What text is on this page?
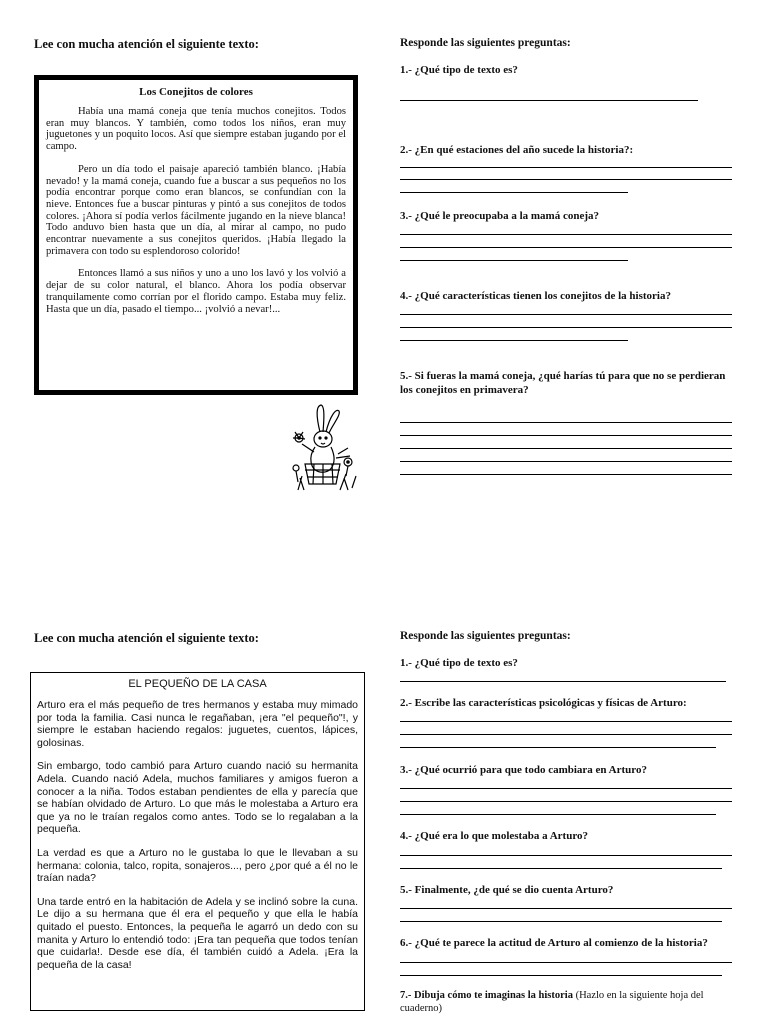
Lee con mucha atención el siguiente texto:
Los Conejitos de colores

Había una mamá coneja que tenía muchos conejitos. Todos eran muy blancos. Y también, como todos los niños, eran muy juguetones y un poquito locos. Así que siempre estaban jugando por el campo.

Pero un día todo el paisaje apareció también blanco. ¡Había nevado! y la mamá coneja, cuando fue a buscar a sus pequeños no los podía encontrar porque como eran blancos, se confundían con la nieve. Entonces fue a buscar pinturas y pintó a sus conejitos de todos colores. ¡Ahora sí podía verlos fácilmente jugando en la nieve blanca! Todo anduvo bien hasta que un día, al mirar al campo, no pudo encontrar nuevamente a sus conejitos queridos. ¡Había llegado la primavera con todo su esplendoroso colorido!

Entonces llamó a sus niños y uno a uno los lavó y los volvió a dejar de su color natural, el blanco. Ahora los podía observar tranquilamente como corrían por el florido campo. Estaba muy feliz. Hasta que un día, pasado el tiempo... ¡volvió a nevar!...

Responde las siguientes preguntas:
1.- ¿Qué tipo de texto es?
2.- ¿En qué estaciones del año sucede la historia?:
3.- ¿Qué le preocupaba a la mamá coneja?
4.- ¿Qué características tienen los conejitos de la historia?
5.- Si fueras la mamá coneja, ¿qué harías tú para que no se perdieran los conejitos en primavera?
Lee con mucha atención el siguiente texto:
EL PEQUEÑO DE LA CASA

Arturo era el más pequeño de tres hermanos y estaba muy mimado por toda la familia. Casi nunca le regañaban, ¡era "el pequeño"!, y siempre le estaban haciendo regalos: juguetes, cuentos, lápices, golosinas.

Sin embargo, todo cambió para Arturo cuando nació su hermanita Adela. Cuando nació Adela, muchos familiares y amigos fueron a conocer a la niña. Todos estaban pendientes de ella y parecía que se habían olvidado de Arturo. Lo que más le molestaba a Arturo era que ya no le traían regalos como antes. Todo se lo regalaban a la pequeña.

La verdad es que a Arturo no le gustaba lo que le llevaban a su hermana: colonia, talco, ropita, sonajeros..., pero ¿por qué a él no le traían nada?

Una tarde entró en la habitación de Adela y se inclinó sobre la cuna. Le dijo a su hermana que él era el pequeño y que ella le había quitado el puesto. Entonces, la pequeña le agarró un dedo con su manita y Arturo lo entendió todo: ¡Era tan pequeña que todos tenían que cuidarla!. Desde ese día, él también cuidó a Adela. ¡Era la pequeña de la casa!

Responde las siguientes preguntas:
1.- ¿Qué tipo de texto es?
2.- Escribe las características psicológicas y físicas de Arturo:
3.- ¿Qué ocurrió para que todo cambiara en Arturo?
4.- ¿Qué era lo que molestaba a Arturo?
5.- Finalmente, ¿de qué se dio cuenta Arturo?
6.- ¿Qué te parece la actitud de Arturo al comienzo de la historia?
7.- Dibuja cómo te imaginas la historia (Hazlo en la siguiente hoja del cuaderno)
